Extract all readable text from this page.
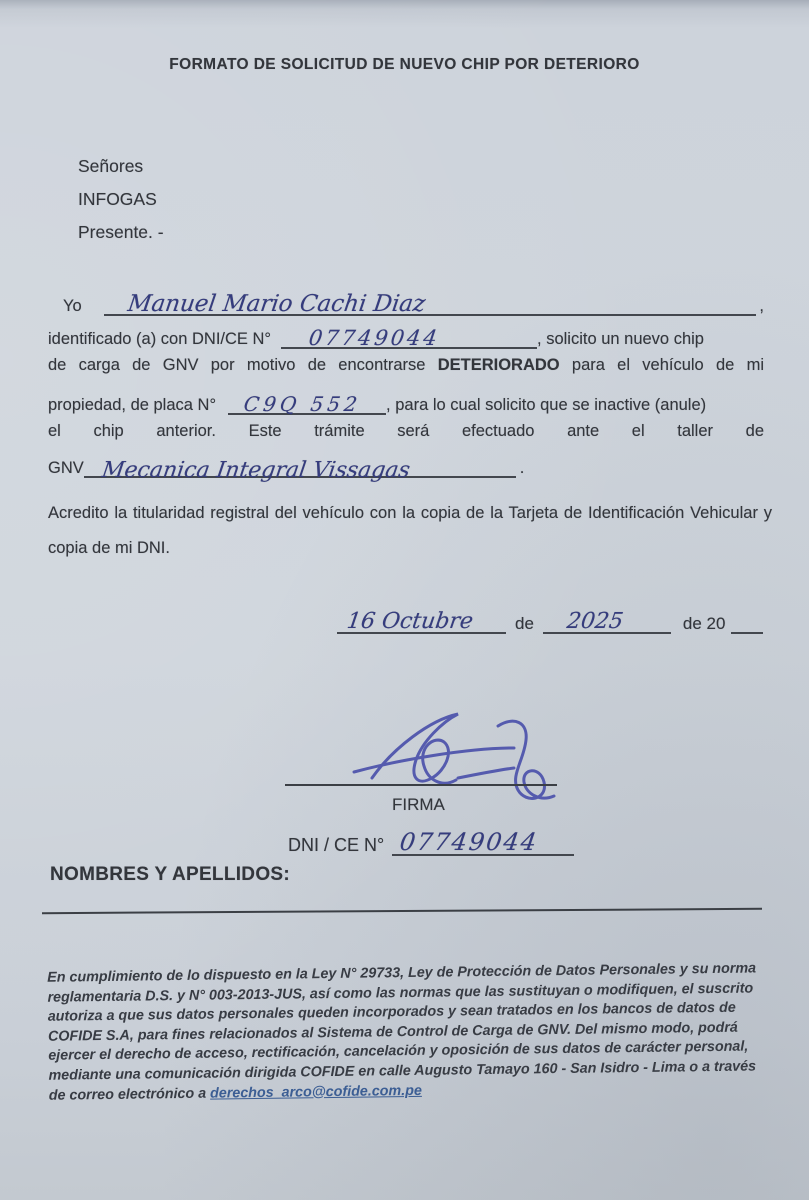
FORMATO DE SOLICITUD DE NUEVO CHIP POR DETERIORO
Señores
INFOGAS
Presente. -
Yo	Manuel Mario Cachi Diaz	,
identificado (a) con DNI/CE N°	07749044	, solicito un nuevo chip
de carga de GNV por motivo de encontrarse DETERIORADO para el vehículo de mi
propiedad, de placa N°	C9Q 552 , para lo cual solicito que se inactive (anule)
el chip anterior. Este trámite será efectuado ante el taller de
GNV Mecanica Integral Vissagas	.
Acredito la titularidad registral del vehículo con la copia de la Tarjeta de Identificación Vehicular y copia de mi DNI.
16 Octubre de 2025	de 20
FIRMA
DNI / CE N° 07749044
NOMBRES Y APELLIDOS:
En cumplimiento de lo dispuesto en la Ley N° 29733, Ley de Protección de Datos Personales y su norma reglamentaria D.S. y N° 003-2013-JUS, así como las normas que las sustituyan o modifiquen, el suscrito autoriza a que sus datos personales queden incorporados y sean tratados en los bancos de datos de COFIDE S.A, para fines relacionados al Sistema de Control de Carga de GNV. Del mismo modo, podrá ejercer el derecho de acceso, rectificación, cancelación y oposición de sus datos de carácter personal, mediante una comunicación dirigida COFIDE en calle Augusto Tamayo 160 - San Isidro - Lima o a través de correo electrónico a derechos_arco@cofide.com.pe
